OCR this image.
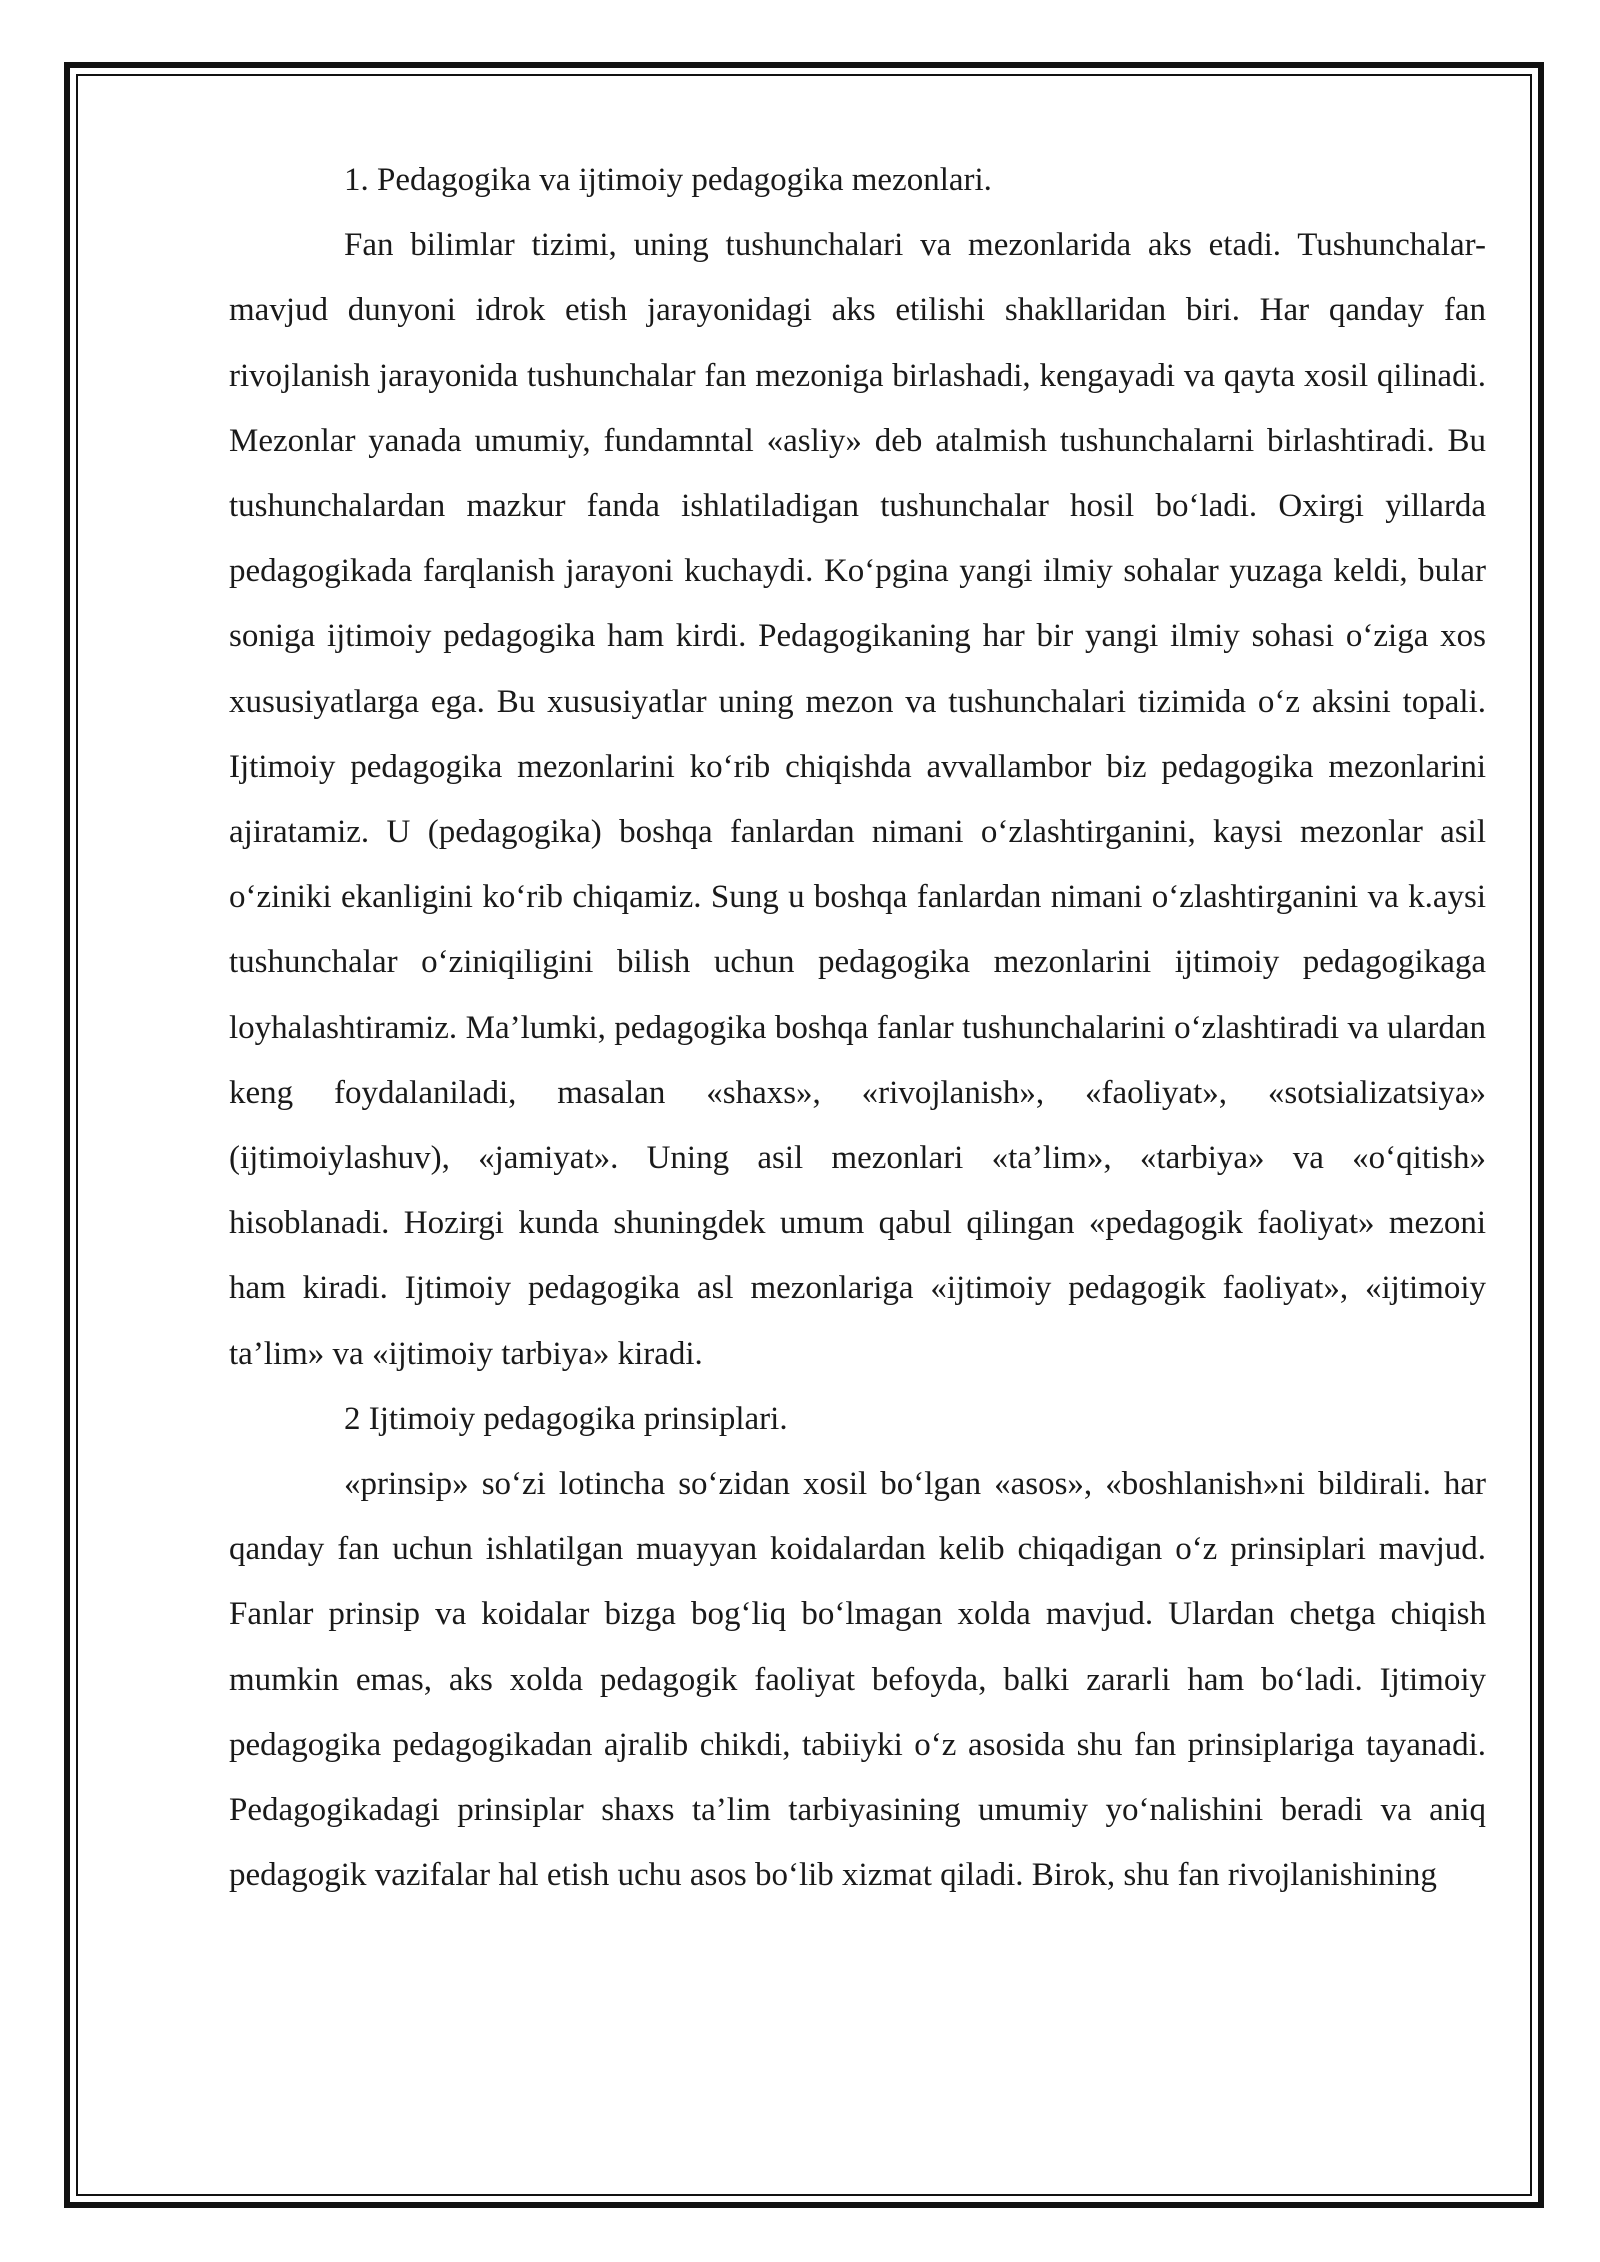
1. Pedagogika va ijtimoiy pedagogika mezonlari.

Fan bilimlar tizimi, uning tushunchalari va mezonlarida aks etadi. Tushunchalar-mavjud dunyoni idrok etish jarayonidagi aks etilishi shakllaridan biri. Har qanday fan rivojlanish jarayonida tushunchalar fan mezoniga birlashadi, kengayadi va qayta xosil qilinadi. Mezonlar yanada umumiy, fundamntal «asliy» deb atalmish tushunchalarni birlashtiradi. Bu tushunchalardan mazkur fanda ishlatiladigan tushunchalar hosil boʻladi. Oxirgi yillarda pedagogikada farqlanish jarayoni kuchaydi. Koʻpgina yangi ilmiy sohalar yuzaga keldi, bular soniga ijtimoiy pedagogika ham kirdi. Pedagogikaning har bir yangi ilmiy sohasi oʻziga xos xususiyatlarga ega. Bu xususiyatlar uning mezon va tushunchalari tizimida oʻz aksini topali. Ijtimoiy pedagogika mezonlarini koʻrib chiqishda avvallambor biz pedagogika mezonlarini ajiratamiz. U (pedagogika) boshqa fanlardan nimani oʻzlashtirganini, kaysi mezonlar asil oʻziniki ekanligini koʻrib chiqamiz. Sung u boshqa fanlardan nimani oʻzlashtirganini va k.aysi tushunchalar oʻziniqiligini bilish uchun pedagogika mezonlarini ijtimoiy pedagogikaga loyhalashtiramiz. Ma’lumki, pedagogika boshqa fanlar tushunchalarini oʻzlashtiradi va ulardan keng foydalaniladi, masalan «shaxs», «rivojlanish», «faoliyat», «sotsializatsiya» (ijtimoiylashuv), «jamiyat». Uning asil mezonlari «ta’lim», «tarbiya» va «oʻqitish» hisoblanadi. Hozirgi kunda shuningdek umum qabul qilingan «pedagogik faoliyat» mezoni ham kiradi. Ijtimoiy pedagogika asl mezonlariga «ijtimoiy pedagogik faoliyat», «ijtimoiy ta’lim» va «ijtimoiy tarbiya» kiradi.

2 Ijtimoiy pedagogika prinsiplari.

«prinsip» soʻzi lotincha soʻzidan xosil boʻlgan «asos», «boshlanish»ni bildirali. har qanday fan uchun ishlatilgan muayyan koidalardan kelib chiqadigan oʻz prinsiplari mavjud. Fanlar prinsip va koidalar bizga bogʻliq boʻlmagan xolda mavjud. Ulardan chetga chiqish mumkin emas, aks xolda pedagogik faoliyat befoyda, balki zararli ham boʻladi. Ijtimoiy pedagogika pedagogikadan ajralib chikdi, tabiiyki oʻz asosida shu fan prinsiplariga tayanadi. Pedagogikadagi prinsiplar shaxs ta’lim tarbiyasining umumiy yoʻnalishini beradi va aniq pedagogik vazifalar hal etish uchu asos boʻlib xizmat qiladi. Birok, shu fan rivojlanishining
